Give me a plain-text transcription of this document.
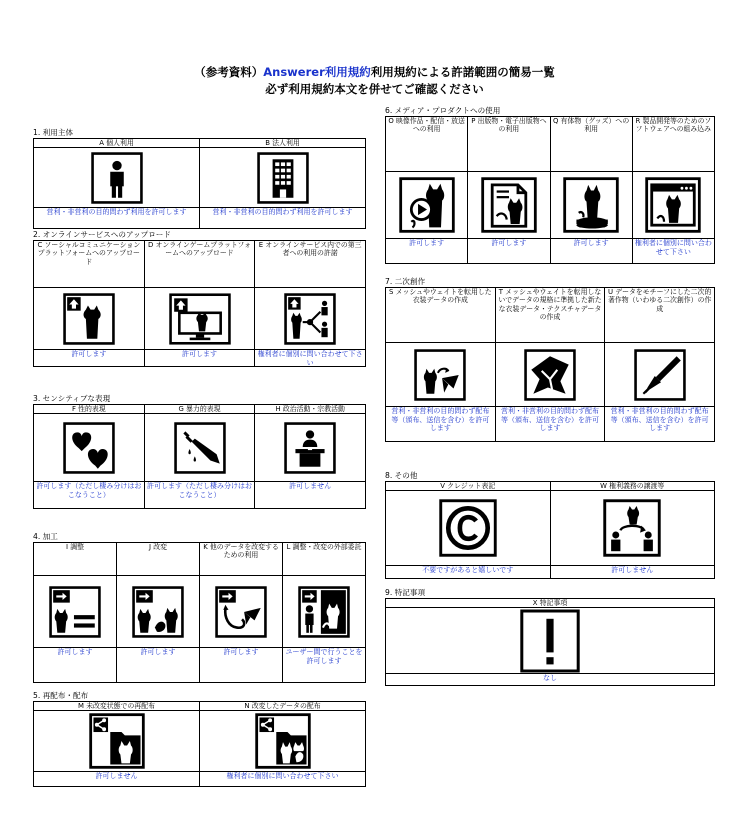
（参考資料）Answerer利用規約利用規約による許諾範囲の簡易一覧
必ず利用規約本文を併せてご確認ください
1. 利用主体
A 個人利用
営利・非営利の目的問わず利用を許可します
B 法人利用
営利・非営利の目的問わず利用を許可します
2. オンラインサービスへのアップロード
C ソーシャルコミュニケーションプラットフォームへのアップロード
許可します
D オンラインゲームプラットフォームへのアップロード
許可します
E オンラインサービス内での第三者への利用の許諾
権利者に個別に問い合わせて下さい
3. センシティブな表現
F 性的表現
許可します（ただし棲み分けはおこなうこと）
G 暴力的表現
許可します（ただし棲み分けはおこなうこと）
H 政治活動・宗教活動
許可しません
4. 加工
I 調整
許可します
J 改変
許可します
K 他のデータを改変するための利用
許可します
L 調整・改変の外部委託
ユーザー間で行うことを許可します
5. 再配布・配布
M 未改変状態での再配布
許可しません
N 改変したデータの配布
権利者に個別に問い合わせて下さい
6. メディア・プロダクトへの使用
O 映像作品・配信・放送への利用
許可します
P 出版物・電子出版物への利用
許可します
Q 有体物（グッズ）への利用
許可します
R 製品開発等のためのソフトウェアへの組み込み
権利者に個別に問い合わせて下さい
7. 二次創作
S メッシュやウェイトを転用した衣装データの作成
営利・非営利の目的問わず配布等（頒布、送信を含む）を許可します
T メッシュやウェイトを転用しないでデータの規格に準拠した新たな衣装データ・テクスチャデータの作成
営利・非営利の目的問わず配布等（頒布、送信を含む）を許可します
U データをモチーフにした二次的著作物（いわゆる二次創作）の作成
営利・非営利の目的問わず配布等（頒布、送信を含む）を許可します
8. その他
V クレジット表記
不要ですがあると嬉しいです
W 権利義務の譲渡等
許可しません
9. 特記事項
X 特記事項
なし
